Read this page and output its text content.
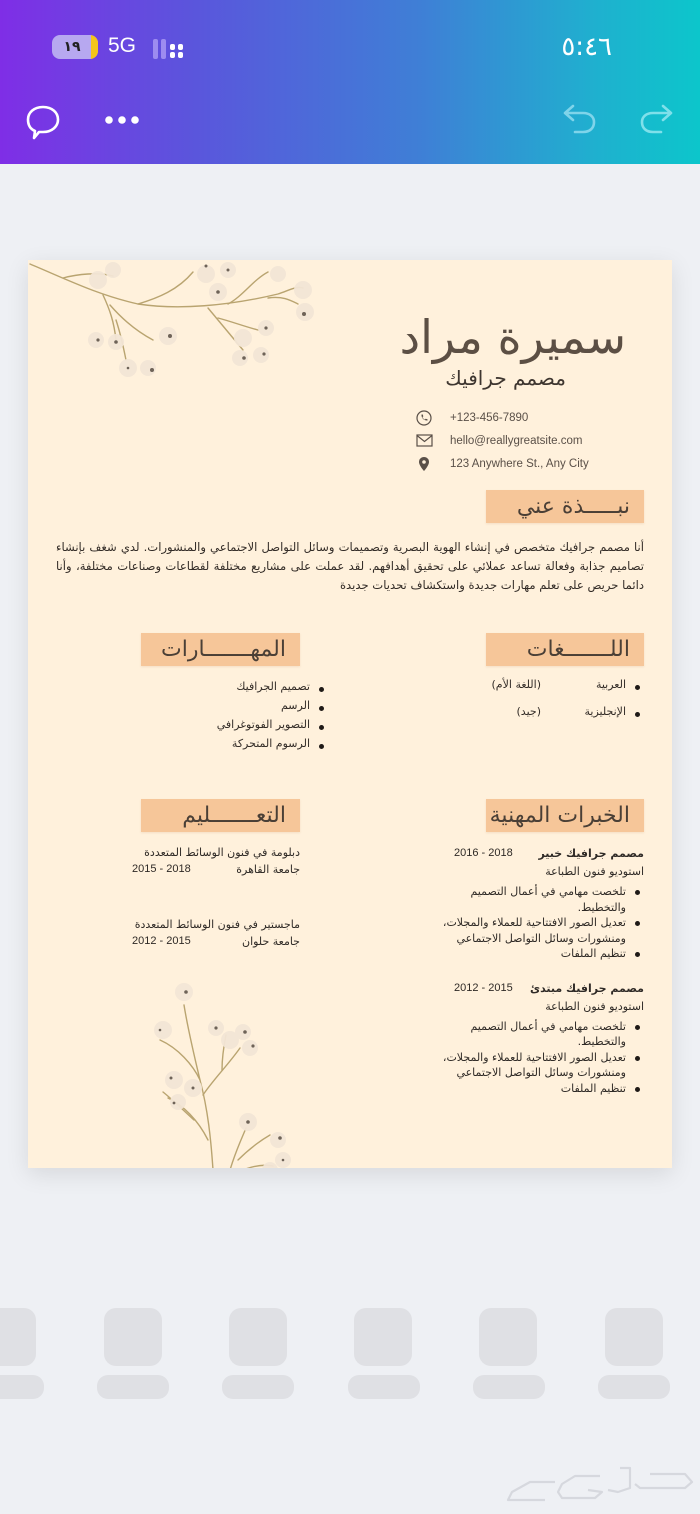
١٩ 5G	٥:٤٦
سميرة مراد
مصمم جرافيك
+123-456-7890
hello@reallygreatsite.com
123 Anywhere St., Any City
نبـــــذة عني
أنا مصمم جرافيك متخصص في إنشاء الهوية البصرية وتصميمات وسائل التواصل الاجتماعي والمنشورات. لدي شغف بإنشاء تصاميم جذابة وفعالة تساعد عملائي على تحقيق أهدافهم. لقد عملت على مشاريع مختلفة لقطاعات وصناعات مختلفة، وأنا دائما حريص على تعلم مهارات جديدة واستكشاف تحديات جديدة
اللـــــــغات
العربية
(اللغة الأم)
الإنجليزية
(جيد)
المهـــــــارات
تصميم الجرافيك
الرسم
التصوير الفوتوغرافي
الرسوم المتحركة
الخبرات المهنية
مصمم جرافيك خبير
2016 - 2018
استوديو فنون الطباعة
تلخصت مهامي في أعمال التصميم والتخطيط.
تعديل الصور الافتتاحية للعملاء والمجلات، ومنشورات وسائل التواصل الاجتماعي
تنظيم الملفات
مصمم جرافيك مبتدئ
2012 - 2015
استوديو فنون الطباعة
تلخصت مهامي في أعمال التصميم والتخطيط.
تعديل الصور الافتتاحية للعملاء والمجلات، ومنشورات وسائل التواصل الاجتماعي
تنظيم الملفات
التعـــــــليم
دبلومة في فنون الوسائط المتعددة
جامعة القاهرة
2015 - 2018
ماجستير في فنون الوسائط المتعددة
جامعة حلوان
2012 - 2015
